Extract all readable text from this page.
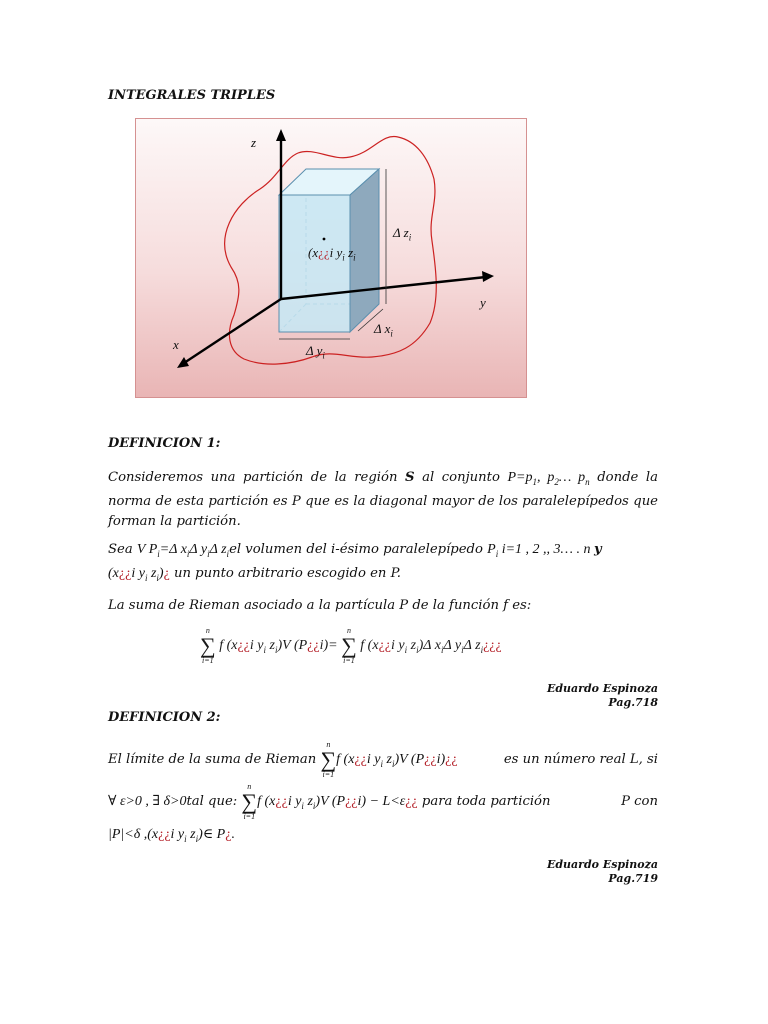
INTEGRALES TRIPLES
z
y
x
Δ $z_i$
Δ $x_i$
Δ $y_i$
(x¿¿i $y_i$ $z_i$
DEFINICION 1:
Consideremos una partición de la región S al conjunto $P=p_1$, $p_2\dots$ $p_n$ donde la norma de esta partición es P que es la diagonal mayor de los paralelepípedos que forman la partición.
Sea V $P_i=\Delta$ $x_i\Delta$ $y_i\Delta$ $z_iel$ volumen del i-ésimo paralelepípedo $P_i$ i=1 , 2 ,, 3… . n y
(x¿¿i $y_i$ $z_i)¿$ un punto arbitrario escogido en P.
La suma de Rieman asociado a la partícula P de la función f es:
n
∑
i=1
f (x¿¿i $y_i$ $z_i)V$ (P¿¿i)=
n
∑
i=1
f (x¿¿i $y_i$ $z_i)\Delta$ $x_i\Delta$ $y_i\Delta$ $z_i¿¿¿$
Eduardo Espinoza
Pag.718
DEFINICION 2:
El límite de la suma de Rieman
n
∑
i=1
f (x¿¿i $y_i$ $z_i)V$ (P¿¿i)¿¿	es un número real L, si
∀ ε>0 , ∃ δ>0tal que:
n
∑
i=1
f (x¿¿i $y_i$ $z_i)V$ (P¿¿i) − L<ε¿¿ para toda partición	P con
|P|<δ ,(x¿¿i $y_i$ $z_i)\in$ P¿.
Eduardo Espinoza
Pag.719
